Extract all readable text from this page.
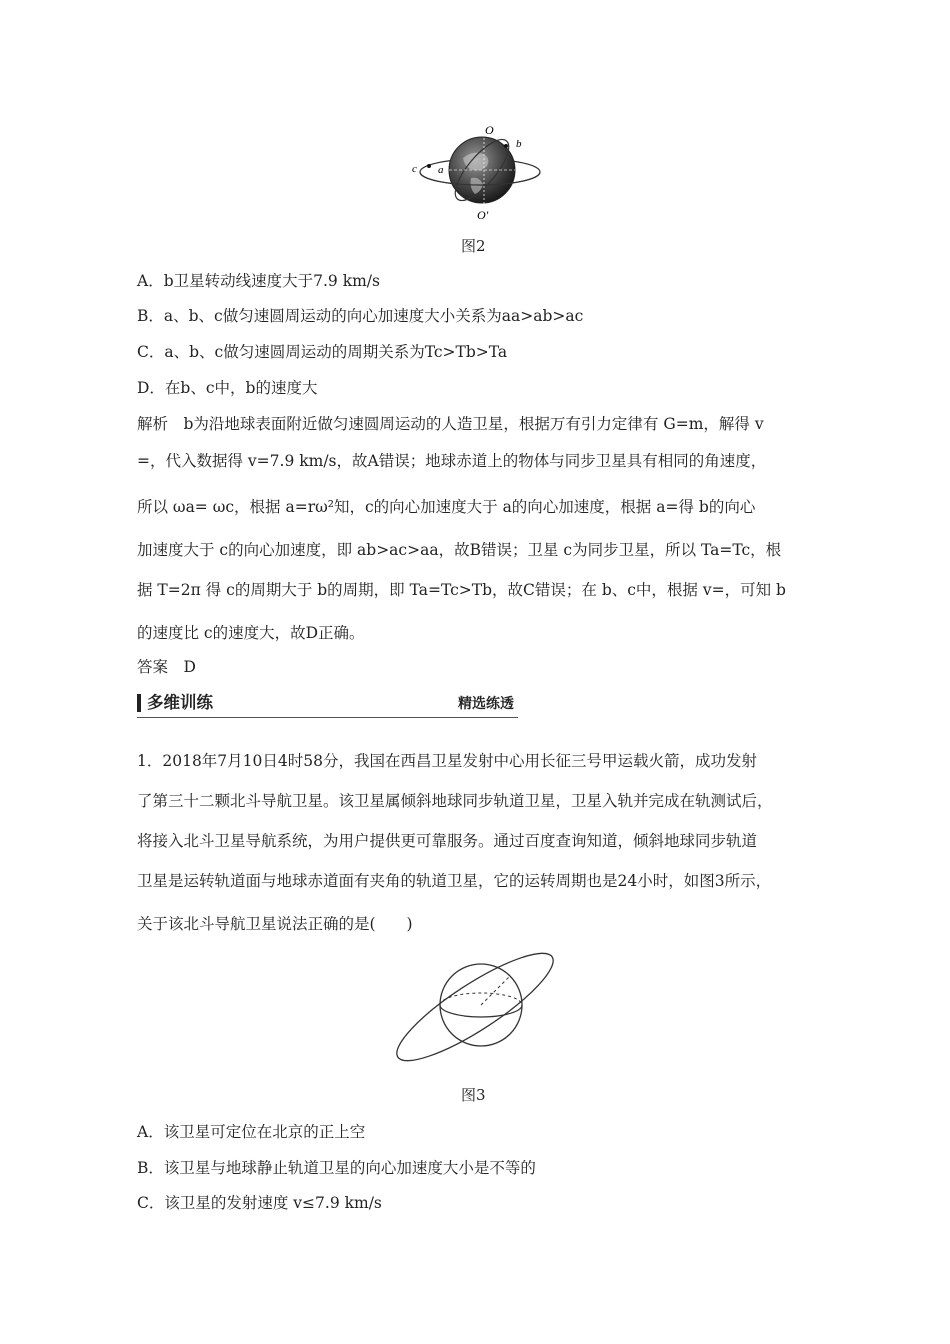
O
b
c a
O′
图2
A．b卫星转动线速度大于7.9 km/s
B．a、b、c做匀速圆周运动的向心加速度大小关系为aa>ab>ac
C．a、b、c做匀速圆周运动的周期关系为Tc>Tb>Ta
D．在b、c中，b的速度大
解析　b为沿地球表面附近做匀速圆周运动的人造卫星，根据万有引力定律有 G=m，解得 v
=，代入数据得 v=7.9 km/s，故A错误；地球赤道上的物体与同步卫星具有相同的角速度，
所以 ωa= ωc，根据 a=rω²知，c的向心加速度大于 a的向心加速度，根据 a=得 b的向心
加速度大于 c的向心加速度，即 ab>ac>aa，故B错误；卫星 c为同步卫星，所以 Ta=Tc，根
据 T=2π 得 c的周期大于 b的周期，即 Ta=Tc>Tb，故C错误；在 b、c中，根据 v=，可知 b
的速度比 c的速度大，故D正确。
答案　D
多维训练	精选练透
1．2018年7月10日4时58分，我国在西昌卫星发射中心用长征三号甲运载火箭，成功发射
了第三十二颗北斗导航卫星。该卫星属倾斜地球同步轨道卫星，卫星入轨并完成在轨测试后，
将接入北斗卫星导航系统，为用户提供更可靠服务。通过百度查询知道，倾斜地球同步轨道
卫星是运转轨道面与地球赤道面有夹角的轨道卫星，它的运转周期也是24小时，如图3所示，
关于该北斗导航卫星说法正确的是(　　)
图3
A．该卫星可定位在北京的正上空
B．该卫星与地球静止轨道卫星的向心加速度大小是不等的
C．该卫星的发射速度 v≤7.9 km/s
